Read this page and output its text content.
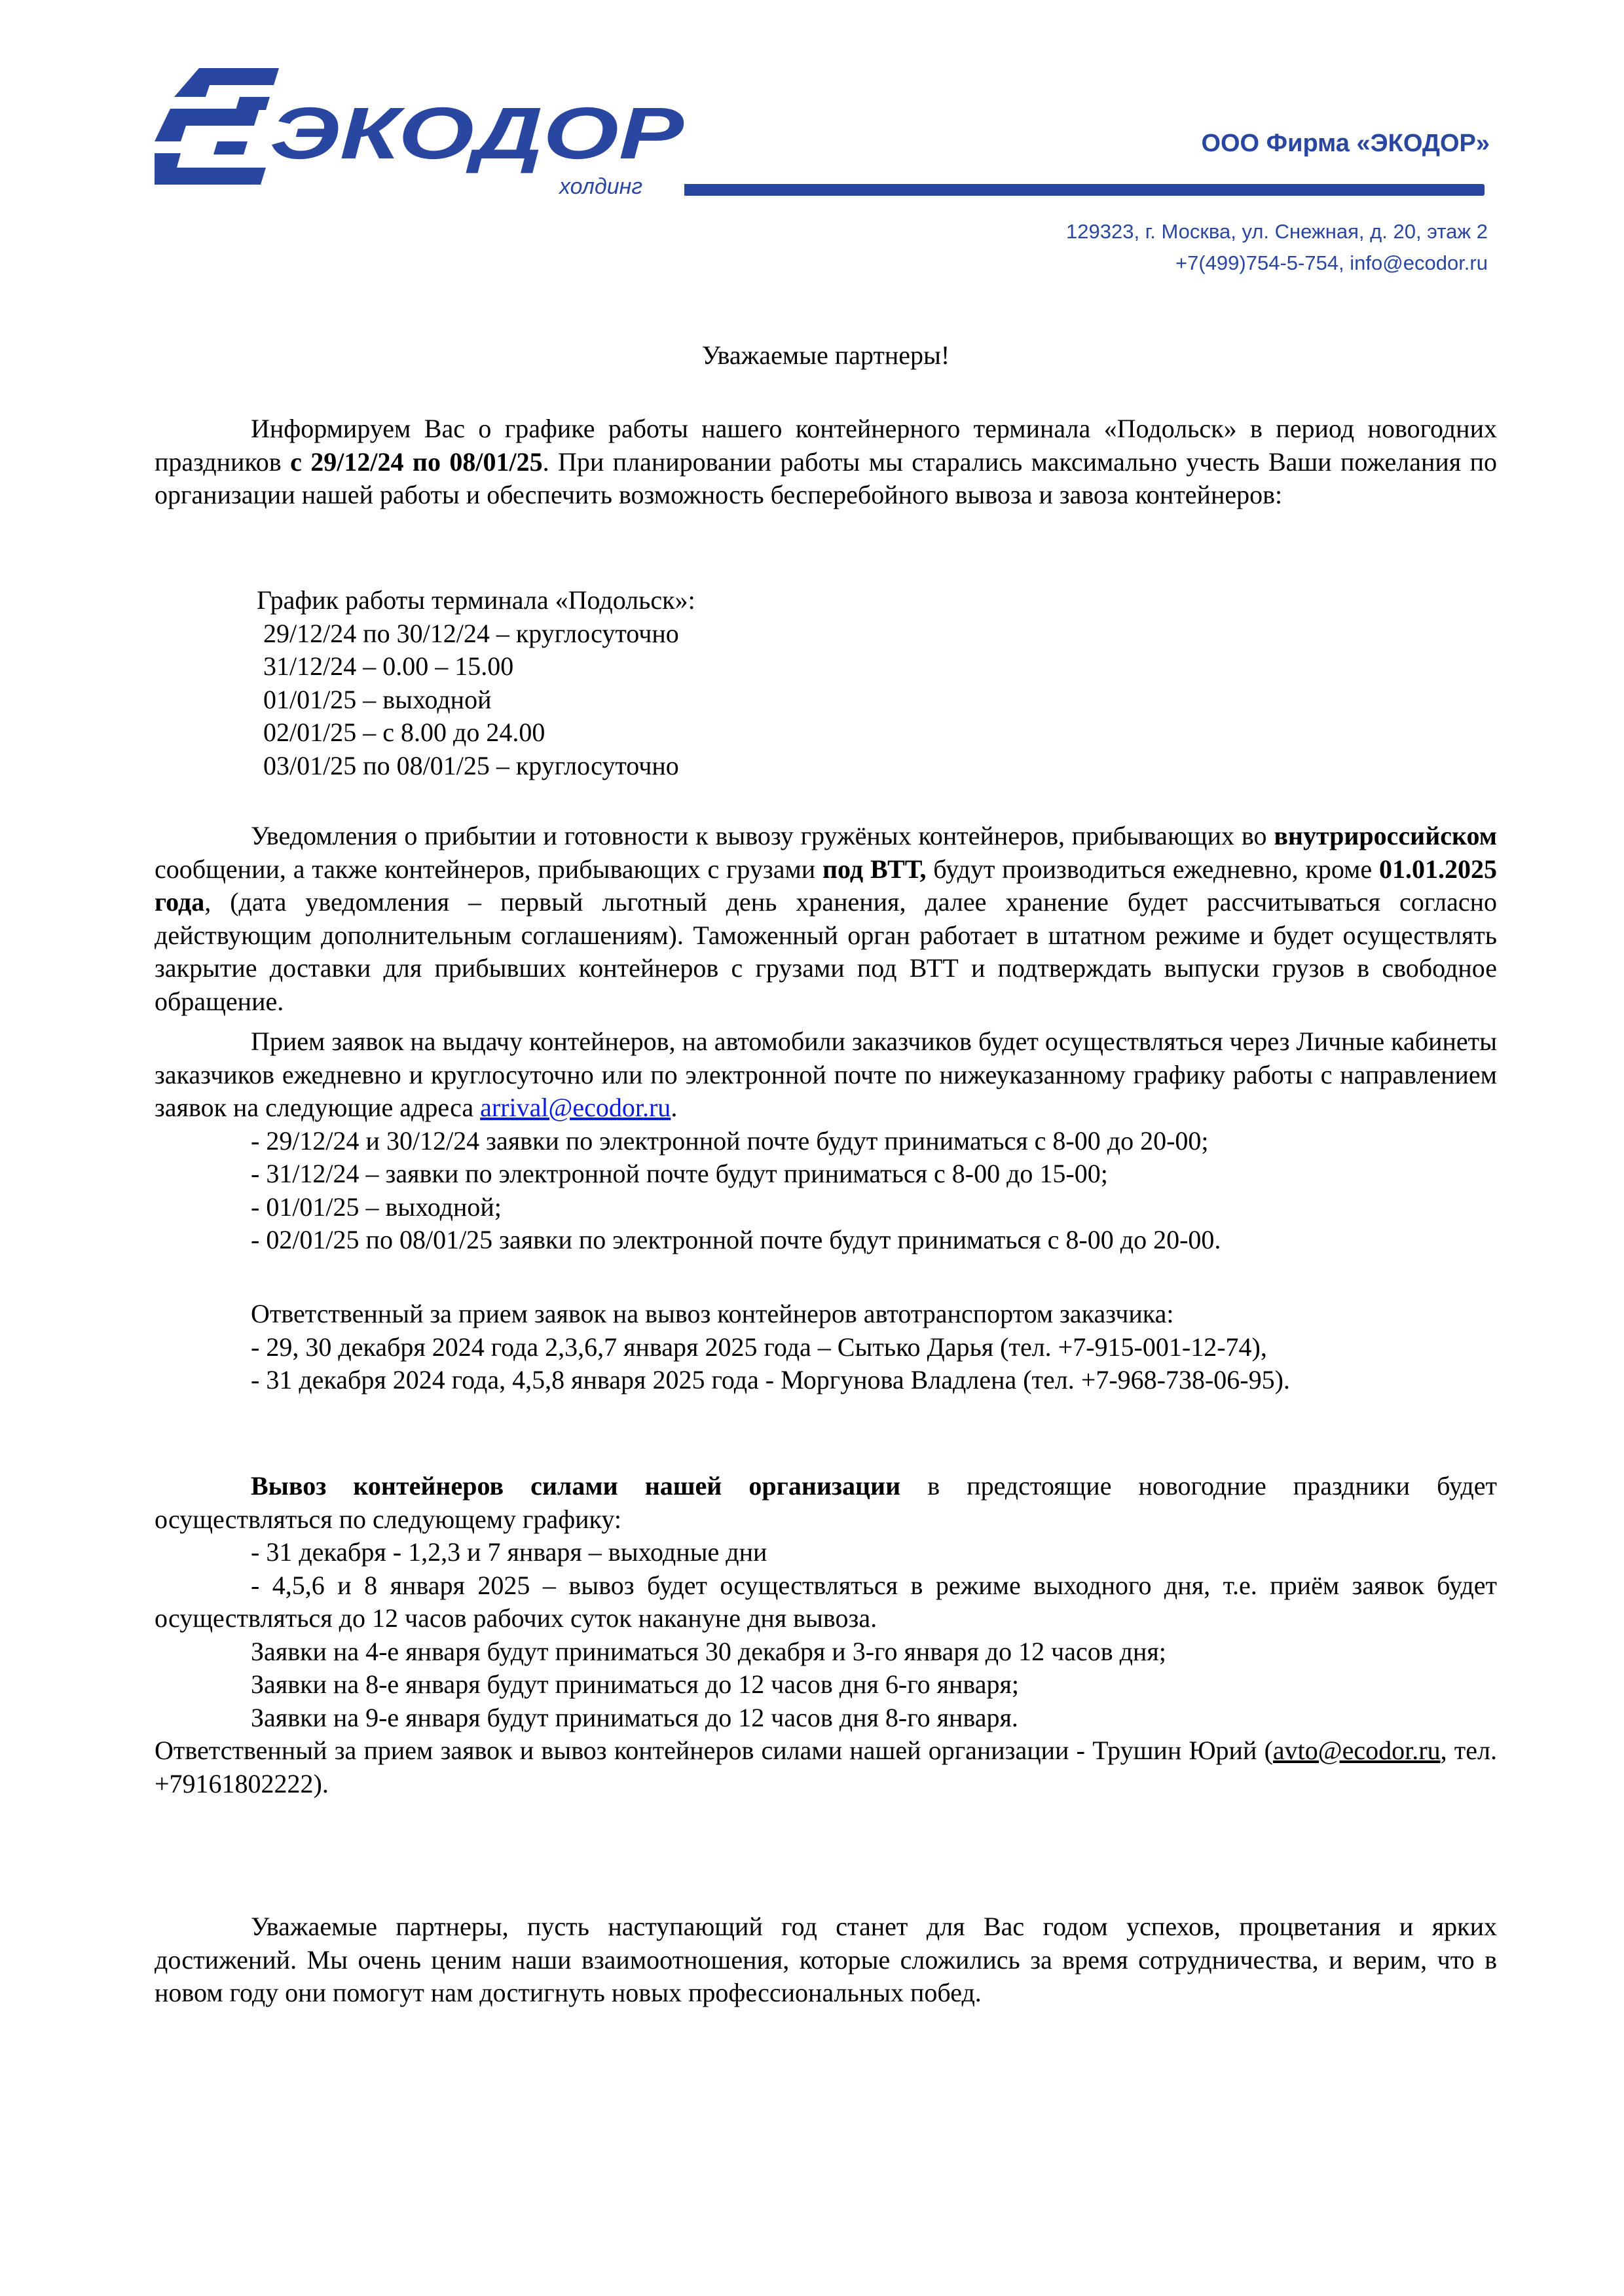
ЭКОДОР
холдинг
ООО Фирма «ЭКОДОР»
129323, г. Москва, ул. Снежная, д. 20, этаж 2
+7(499)754-5-754, info@ecodor.ru
Уважаемые партнеры!

Информируем Вас о графике работы нашего контейнерного терминала «Подольск» в период новогодних праздников с 29/12/24 по 08/01/25. При планировании работы мы старались максимально учесть Ваши пожелания по организации нашей работы и обеспечить возможность бесперебойного вывоза и завоза контейнеров:

График работы терминала «Подольск»:
29/12/24 по 30/12/24 – круглосуточно
31/12/24 – 0.00 – 15.00
01/01/25 – выходной
02/01/25 – с 8.00 до 24.00
03/01/25 по 08/01/25 – круглосуточно

Уведомления о прибытии и готовности к вывозу гружёных контейнеров, прибывающих во внутрироссийском сообщении, а также контейнеров, прибывающих с грузами под ВТТ, будут производиться ежедневно, кроме 01.01.2025 года, (дата уведомления – первый льготный день хранения, далее хранение будет рассчитываться согласно действующим дополнительным соглашениям). Таможенный орган работает в штатном режиме и будет осуществлять закрытие доставки для прибывших контейнеров с грузами под ВТТ и подтверждать выпуски грузов в свободное обращение.

Прием заявок на выдачу контейнеров, на автомобили заказчиков будет осуществляться через Личные кабинеты заказчиков ежедневно и круглосуточно или по электронной почте по нижеуказанному графику работы с направлением заявок на следующие адреса arrival@ecodor.ru.

- 29/12/24 и 30/12/24 заявки по электронной почте будут приниматься с 8-00 до 20-00;
- 31/12/24 – заявки по электронной почте будут приниматься с 8-00 до 15-00;
- 01/01/25 – выходной;
- 02/01/25 по 08/01/25 заявки по электронной почте будут приниматься с 8-00 до 20-00.
Ответственный за прием заявок на вывоз контейнеров автотранспортом заказчика:
- 29, 30 декабря 2024 года 2,3,6,7 января 2025 года – Сытько Дарья (тел. +7-915-001-12-74),
- 31 декабря 2024 года, 4,5,8 января 2025 года - Моргунова Владлена (тел. +7-968-738-06-95).

Вывоз контейнеров силами нашей организации в предстоящие новогодние праздники будет осуществляться по следующему графику:

- 31 декабря - 1,2,3 и 7 января – выходные дни

- 4,5,6 и 8 января 2025 – вывоз будет осуществляться в режиме выходного дня, т.е. приём заявок будет осуществляться до 12 часов рабочих суток накануне дня вывоза.

Заявки на 4-е января будут приниматься 30 декабря и 3-го января до 12 часов дня;
Заявки на 8-е января будут приниматься до 12 часов дня 6-го января;
Заявки на 9-е января будут приниматься до 12 часов дня 8-го января.

Ответственный за прием заявок и вывоз контейнеров силами нашей организации - Трушин Юрий (avto@ecodor.ru, тел. +79161802222).

Уважаемые партнеры, пусть наступающий год станет для Вас годом успехов, процветания и ярких достижений. Мы очень ценим наши взаимоотношения, которые сложились за время сотрудничества, и верим, что в новом году они помогут нам достигнуть новых профессиональных побед.
